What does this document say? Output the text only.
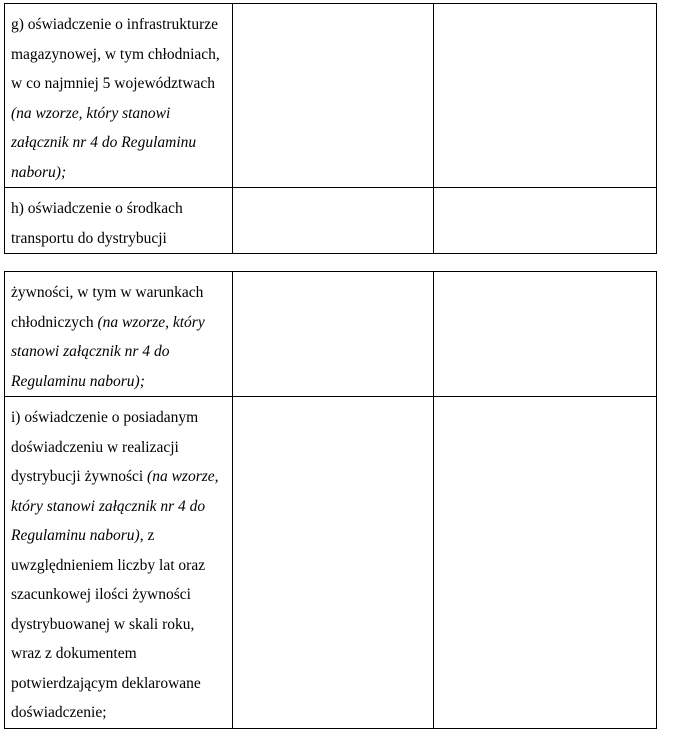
g) oświadczenie o infrastrukturze magazynowej, w tym chłodniach, w co najmniej 5 województwach (na wzorze, który stanowi załącznik nr 4 do Regulaminu naboru);		
h) oświadczenie o środkach transportu do dystrybucji		
żywności, w tym w warunkach chłodniczych (na wzorze, który stanowi załącznik nr 4 do Regulaminu naboru);		
i) oświadczenie o posiadanym doświadczeniu w realizacji dystrybucji żywności (na wzorze, który stanowi załącznik nr 4 do Regulaminu naboru), z uwzględnieniem liczby lat oraz szacunkowej ilości żywności dystrybuowanej w skali roku, wraz z dokumentem potwierdzającym deklarowane doświadczenie;		
